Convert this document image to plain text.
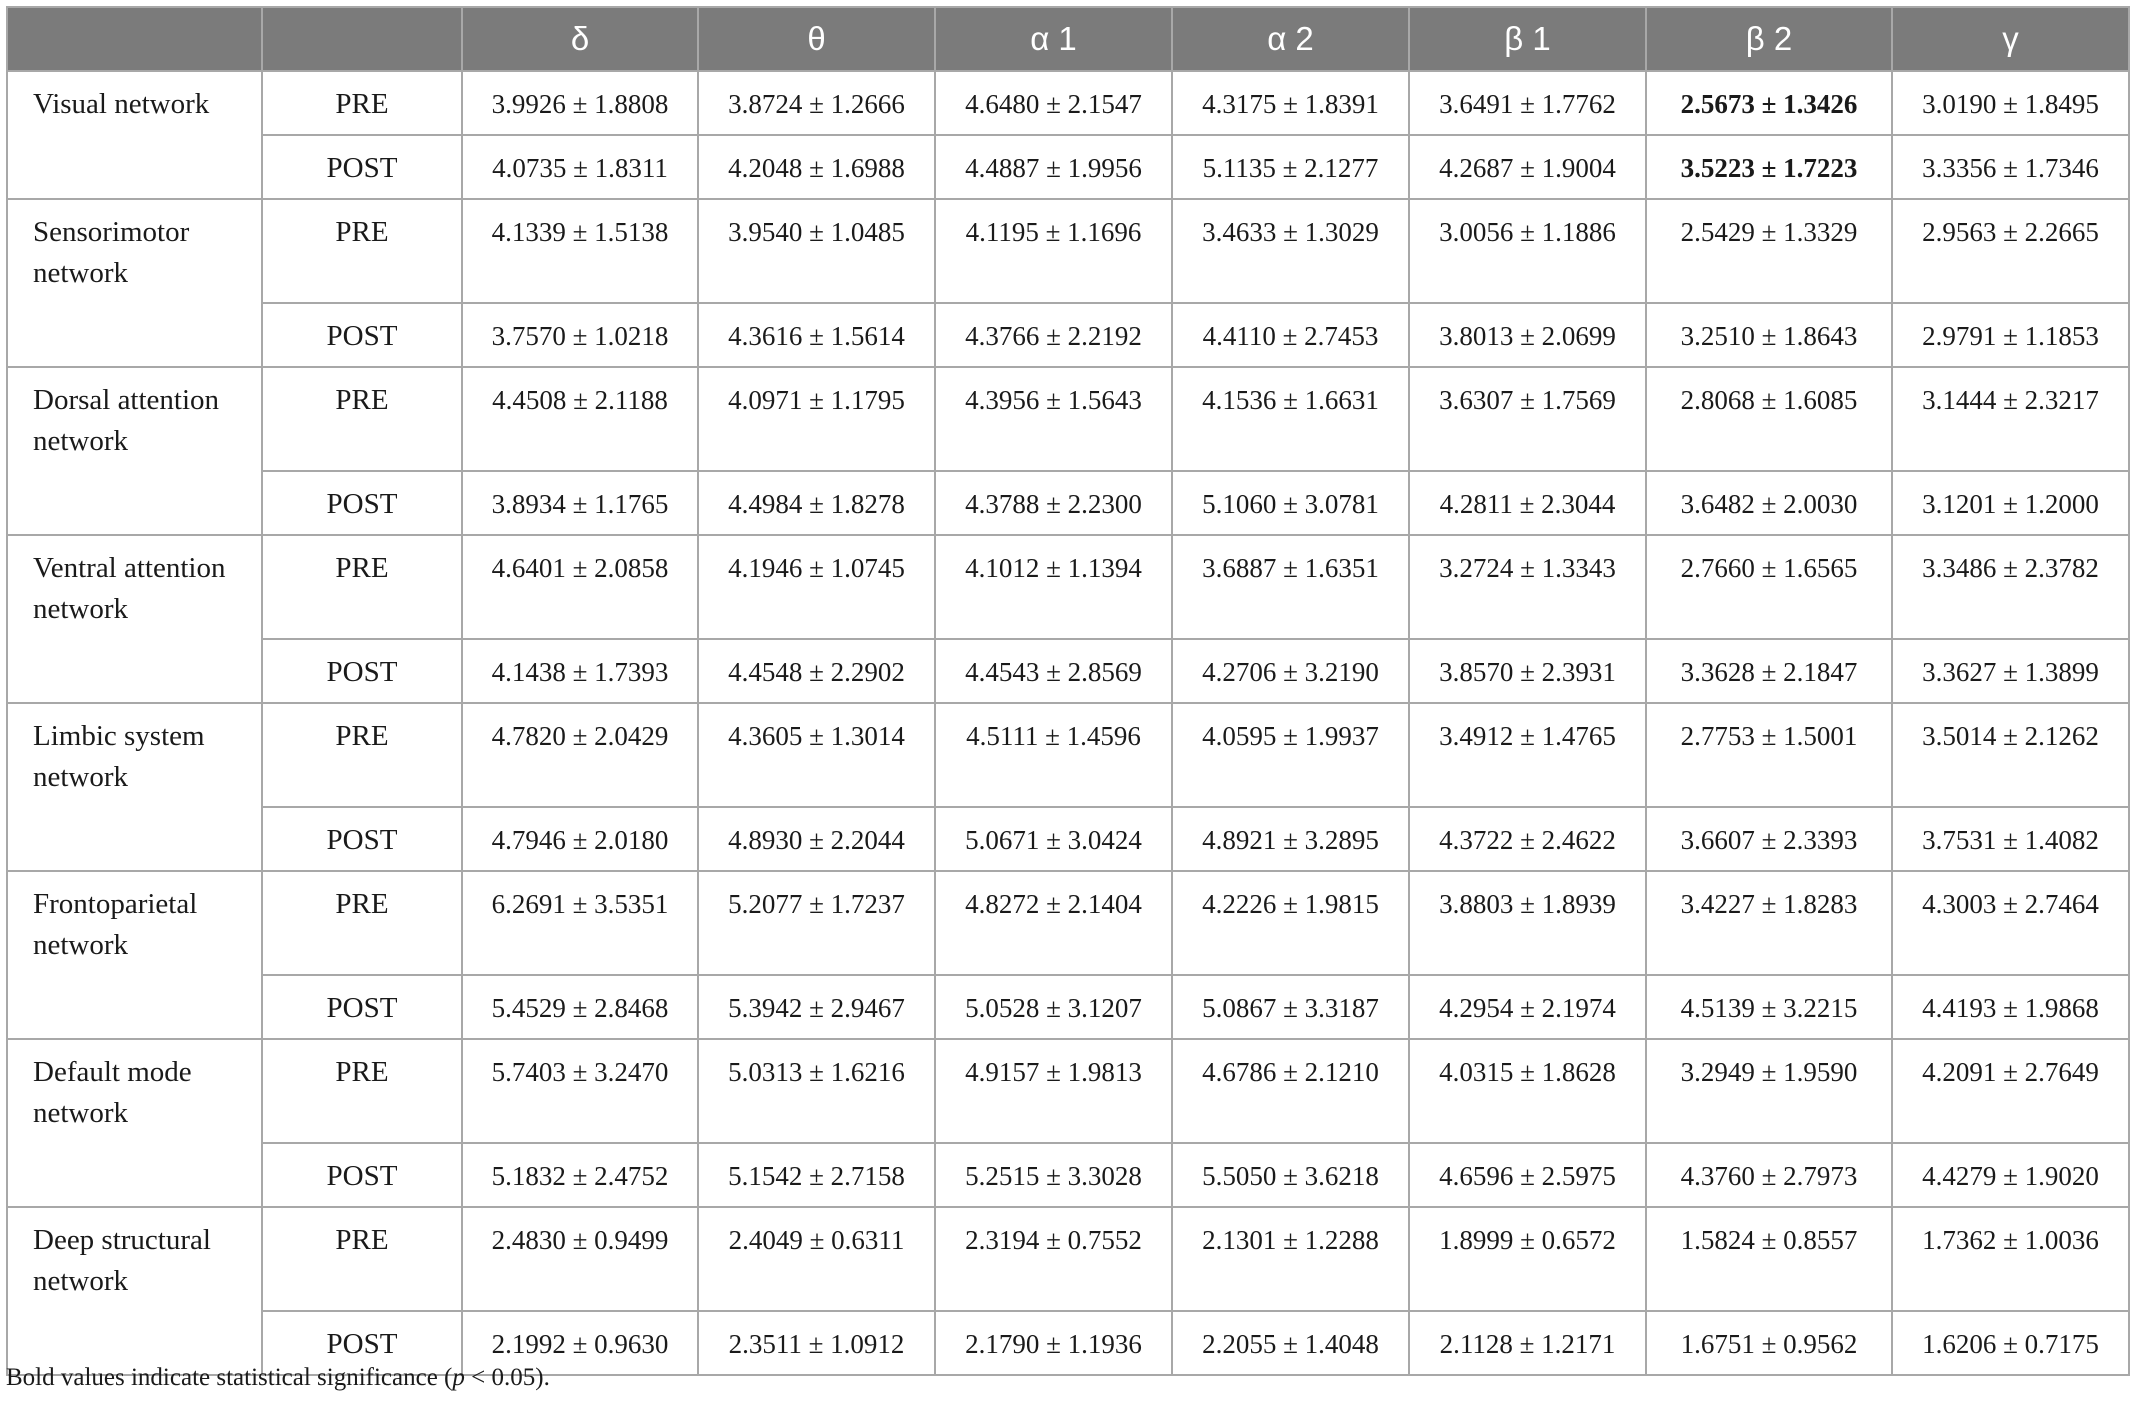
		δ	θ	α 1	α 2	β 1	β 2	γ
Visual network	PRE	3.9926 ± 1.8808	3.8724 ± 1.2666	4.6480 ± 2.1547	4.3175 ± 1.8391	3.6491 ± 1.7762	2.5673 ± 1.3426	3.0190 ± 1.8495
	POST	4.0735 ± 1.8311	4.2048 ± 1.6988	4.4887 ± 1.9956	5.1135 ± 2.1277	4.2687 ± 1.9004	3.5223 ± 1.7223	3.3356 ± 1.7346
Sensorimotor network	PRE	4.1339 ± 1.5138	3.9540 ± 1.0485	4.1195 ± 1.1696	3.4633 ± 1.3029	3.0056 ± 1.1886	2.5429 ± 1.3329	2.9563 ± 2.2665
	POST	3.7570 ± 1.0218	4.3616 ± 1.5614	4.3766 ± 2.2192	4.4110 ± 2.7453	3.8013 ± 2.0699	3.2510 ± 1.8643	2.9791 ± 1.1853
Dorsal attention network	PRE	4.4508 ± 2.1188	4.0971 ± 1.1795	4.3956 ± 1.5643	4.1536 ± 1.6631	3.6307 ± 1.7569	2.8068 ± 1.6085	3.1444 ± 2.3217
	POST	3.8934 ± 1.1765	4.4984 ± 1.8278	4.3788 ± 2.2300	5.1060 ± 3.0781	4.2811 ± 2.3044	3.6482 ± 2.0030	3.1201 ± 1.2000
Ventral attention network	PRE	4.6401 ± 2.0858	4.1946 ± 1.0745	4.1012 ± 1.1394	3.6887 ± 1.6351	3.2724 ± 1.3343	2.7660 ± 1.6565	3.3486 ± 2.3782
	POST	4.1438 ± 1.7393	4.4548 ± 2.2902	4.4543 ± 2.8569	4.2706 ± 3.2190	3.8570 ± 2.3931	3.3628 ± 2.1847	3.3627 ± 1.3899
Limbic system network	PRE	4.7820 ± 2.0429	4.3605 ± 1.3014	4.5111 ± 1.4596	4.0595 ± 1.9937	3.4912 ± 1.4765	2.7753 ± 1.5001	3.5014 ± 2.1262
	POST	4.7946 ± 2.0180	4.8930 ± 2.2044	5.0671 ± 3.0424	4.8921 ± 3.2895	4.3722 ± 2.4622	3.6607 ± 2.3393	3.7531 ± 1.4082
Frontoparietal network	PRE	6.2691 ± 3.5351	5.2077 ± 1.7237	4.8272 ± 2.1404	4.2226 ± 1.9815	3.8803 ± 1.8939	3.4227 ± 1.8283	4.3003 ± 2.7464
	POST	5.4529 ± 2.8468	5.3942 ± 2.9467	5.0528 ± 3.1207	5.0867 ± 3.3187	4.2954 ± 2.1974	4.5139 ± 3.2215	4.4193 ± 1.9868
Default mode network	PRE	5.7403 ± 3.2470	5.0313 ± 1.6216	4.9157 ± 1.9813	4.6786 ± 2.1210	4.0315 ± 1.8628	3.2949 ± 1.9590	4.2091 ± 2.7649
	POST	5.1832 ± 2.4752	5.1542 ± 2.7158	5.2515 ± 3.3028	5.5050 ± 3.6218	4.6596 ± 2.5975	4.3760 ± 2.7973	4.4279 ± 1.9020
Deep structural network	PRE	2.4830 ± 0.9499	2.4049 ± 0.6311	2.3194 ± 0.7552	2.1301 ± 1.2288	1.8999 ± 0.6572	1.5824 ± 0.8557	1.7362 ± 1.0036
	POST	2.1992 ± 0.9630	2.3511 ± 1.0912	2.1790 ± 1.1936	2.2055 ± 1.4048	2.1128 ± 1.2171	1.6751 ± 0.9562	1.6206 ± 0.7175
Bold values indicate statistical significance (p < 0.05).
